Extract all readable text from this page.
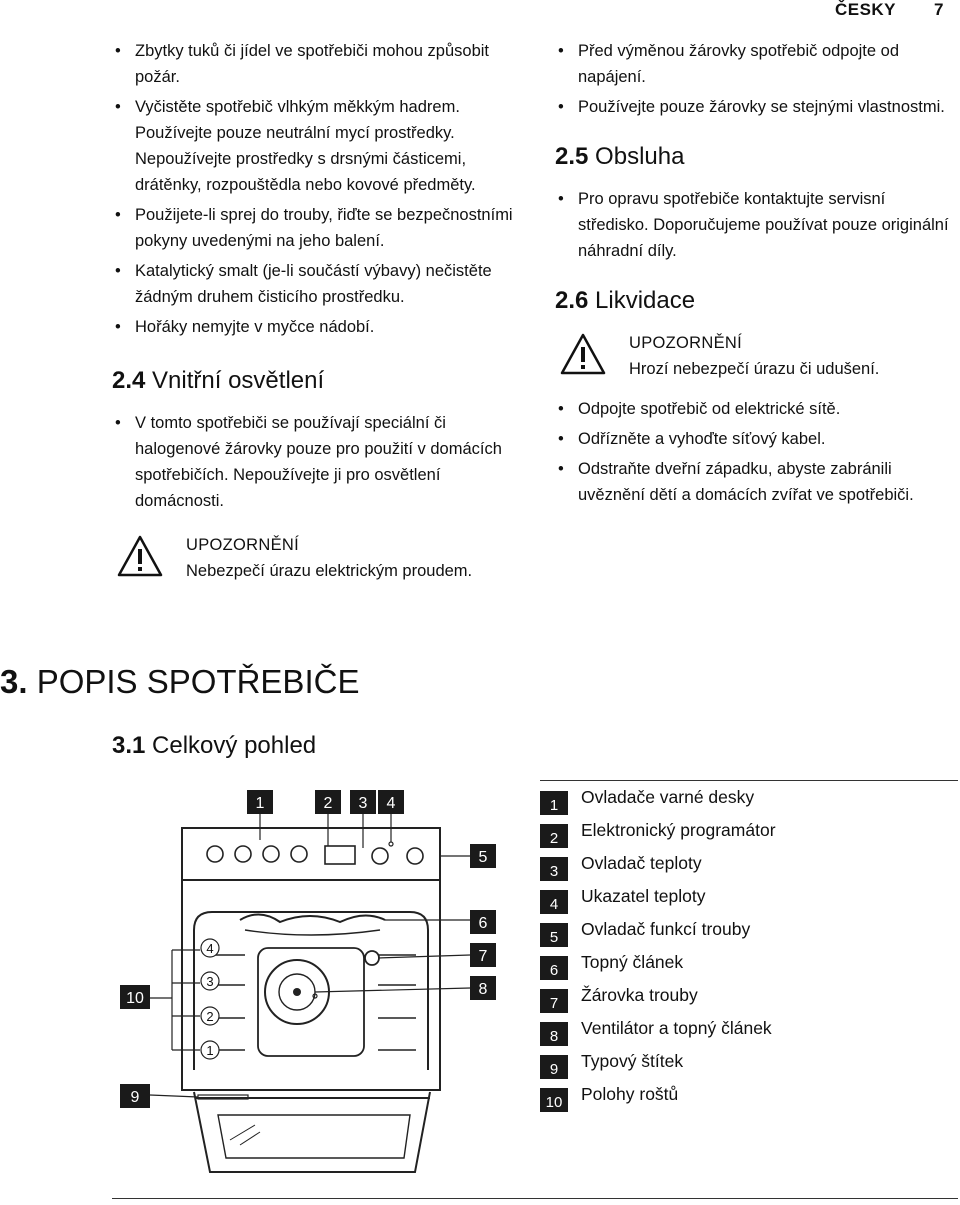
ČESKY 7
• Zbytky tuků či jídel ve spotřebiči mohou způsobit požár.
• Vyčistěte spotřebič vlhkým měkkým hadrem. Používejte pouze neutrální mycí prostředky. Nepoužívejte prostředky s drsnými částicemi, drátěnky, rozpouštědla nebo kovové předměty.
• Použijete-li sprej do trouby, řiďte se bezpečnostními pokyny uvedenými na jeho balení.
• Katalytický smalt (je-li součástí výbavy) nečistěte žádným druhem čisticího prostředku.
• Hořáky nemyjte v myčce nádobí.
2.4 Vnitřní osvětlení
• V tomto spotřebiči se používají speciální či halogenové žárovky pouze pro použití v domácích spotřebičích. Nepoužívejte ji pro osvětlení domácnosti.
UPOZORNĚNÍ
Nebezpečí úrazu elektrickým proudem.
• Před výměnou žárovky spotřebič odpojte od napájení.
• Používejte pouze žárovky se stejnými vlastnostmi.
2.5 Obsluha
• Pro opravu spotřebiče kontaktujte servisní středisko. Doporučujeme používat pouze originální náhradní díly.
2.6 Likvidace
UPOZORNĚNÍ
Hrozí nebezpečí úrazu či udušení.
• Odpojte spotřebič od elektrické sítě.
• Odřízněte a vyhoďte síťový kabel.
• Odstraňte dveřní západku, abyste zabránili uvěznění dětí a domácích zvířat ve spotřebiči.
3. POPIS SPOTŘEBIČE
3.1 Celkový pohled
1	2 3 4
5
6
7
8
9
10
4
3
2
1
1	Ovladače varné desky
2	Elektronický programátor
3	Ovladač teploty
4	Ukazatel teploty
5	Ovladač funkcí trouby
6	Topný článek
7	Žárovka trouby
8	Ventilátor a topný článek
9	Typový štítek
10	Polohy roštů
